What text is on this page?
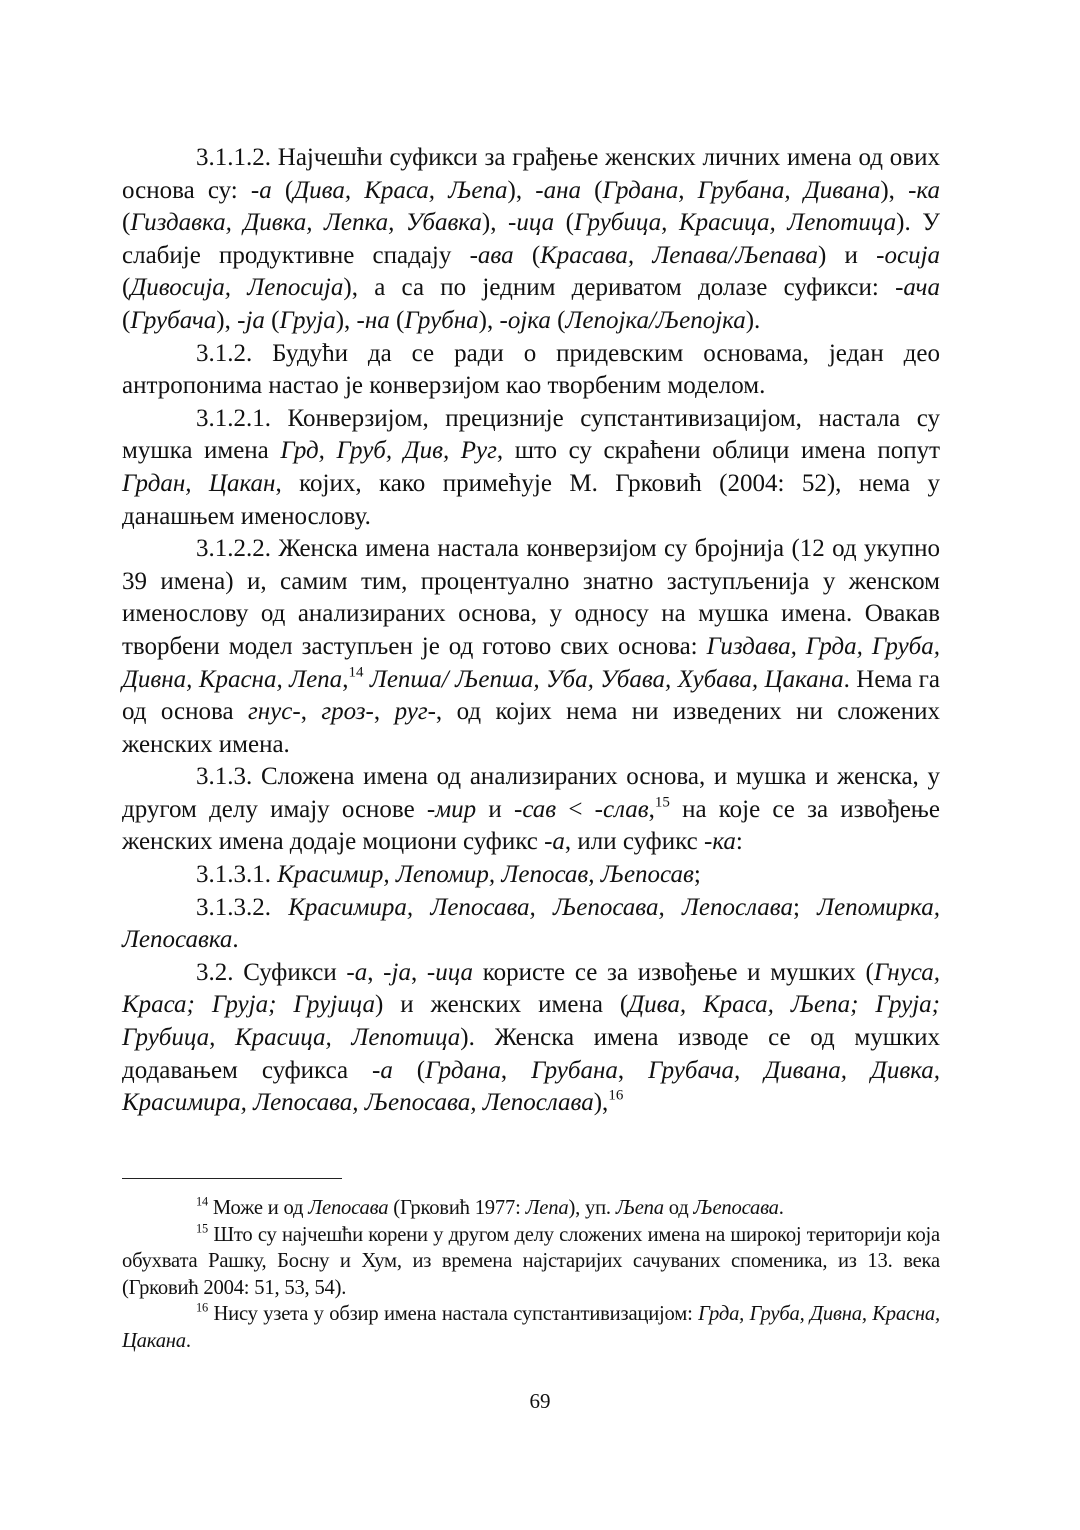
3.1.1.2. Најчешћи суфикси за грађење женских личних имена од ових основа су: -а (Дива, Краса, Љепа), -ана (Грдана, Грубана, Дивана), -ка (Гиздавка, Дивка, Лепка, Убавка), -ица (Грубица, Красица, Лепотица). У слабије продуктивне спадају -ава (Красава, Лепава/Љепава) и -осија (Дивосија, Лепосија), а са по једним дериватом долазе суфикси: -ача (Грубача), -ја (Груја), -на (Грубна), -ојка (Лепојка/Љепојка).

3.1.2. Будући да се ради о придевским основама, један део антропонима настао је конверзијом као творбеним моделом.

3.1.2.1. Конверзијом, прецизније супстантивизацијом, настала су мушка имена Грд, Груб, Див, Руг, што су скраћени облици имена попут Грдан, Цакан, којих, како примећује М. Грковић (2004: 52), нема у данашњем именослову.

3.1.2.2. Женска имена настала конверзијом су бројнија (12 од укупно 39 имена) и, самим тим, процентуално знатно заступљенија у женском именослову од анализираних основа, у односу на мушка имена. Овакав творбени модел заступљен је од готово свих основа: Гиздава, Грда, Груба, Дивна, Красна, Лепа,$^{14}$ Лепша/ Љепша, Уба, Убава, Хубава, Цакана. Нема га од основа гнус-, гроз-, руг-, од којих нема ни изведених ни сложених женских имена.

3.1.3. Сложена имена од анализираних основа, и мушка и женска, у другом делу имају основе -мир и -сав < -слав,$^{15}$ на које се за извођење женских имена додаје моциони суфикс -а, или суфикс -ка:

3.1.3.1. Красимир, Лепомир, Лепосав, Љепосав;

3.1.3.2. Красимира, Лепосава, Љепосава, Лепослава; Лепомирка, Лепосавка.

3.2. Суфикси -а, -ја, -ица користе се за извођење и мушких (Гнуса, Краса; Груја; Грујица) и женских имена (Дива, Краса, Љепа; Груја; Грубица, Красица, Лепотица). Женска имена изводе се од мушких додавањем суфикса -а (Грдана, Грубана, Грубача, Дивана, Дивка, Красимира, Лепосава, Љепосава, Лепослава),$^{16}$

$^{14}$ Може и од Лепосава (Грковић 1977: Лепа), уп. Љепа од Љепосава.

$^{15}$ Што су најчешћи корени у другом делу сложених имена на широкој територији која обухвата Рашку, Босну и Хум, из времена најстаријих сачуваних споменика, из 13. века (Грковић 2004: 51, 53, 54).

$^{16}$ Нису узета у обзир имена настала супстантивизацијом: Грда, Груба, Дивна, Красна, Цакана.

69
